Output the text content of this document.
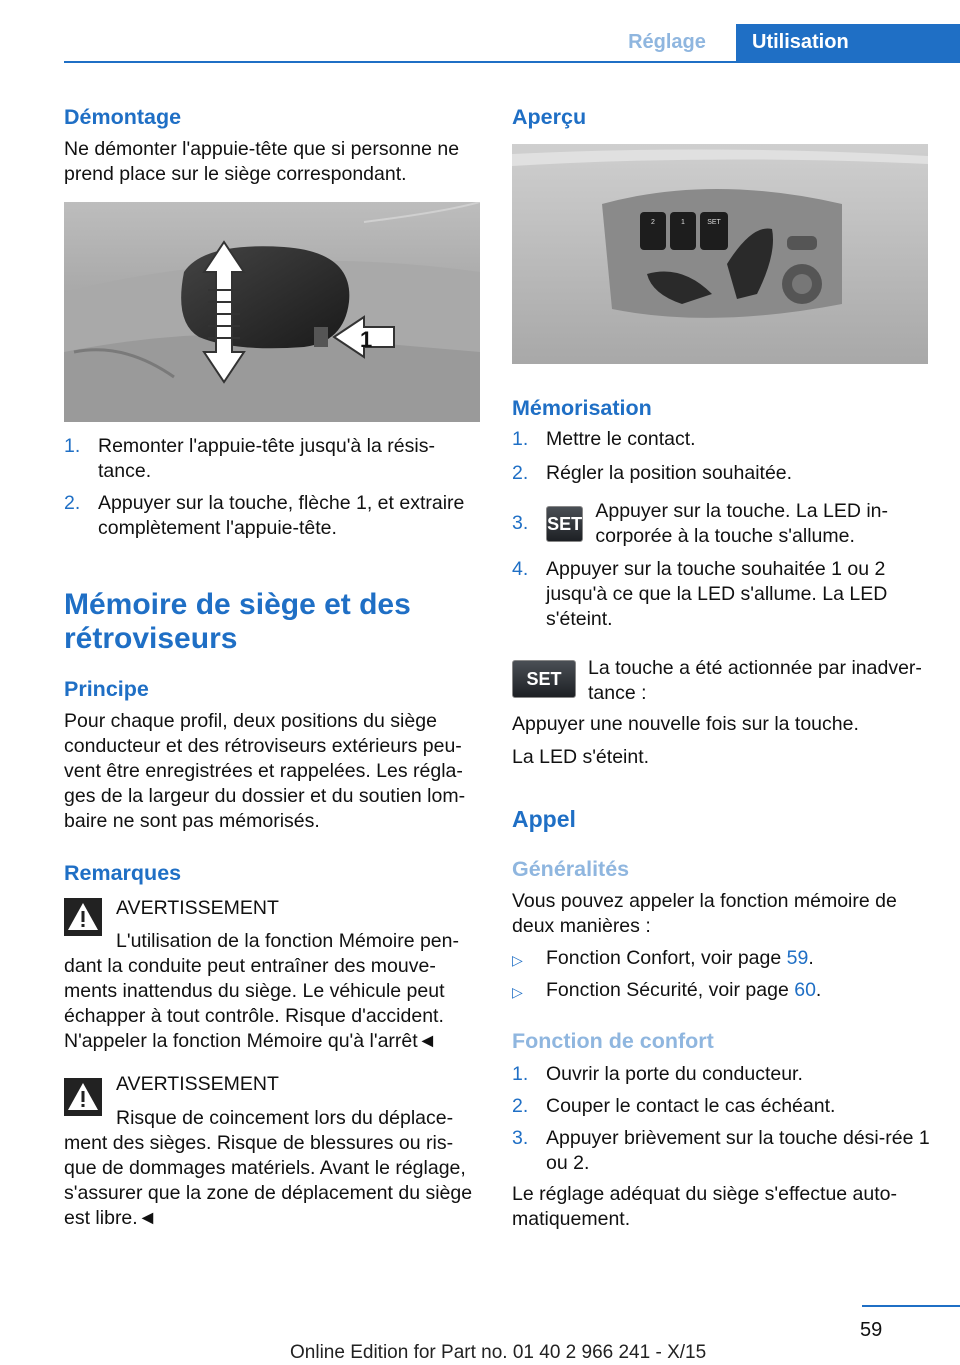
Réglage	Utilisation
Démontage

Ne démonter l'appuie-tête que si personne ne prend place sur le siège correspondant.

1
1. Remonter l'appuie-tête jusqu'à la résis-tance.
2. Appuyer sur la touche, flèche 1, et extraire complètement l'appuie-tête.
Mémoire de siège et des rétroviseurs
Principe

Pour chaque profil, deux positions du siège conducteur et des rétroviseurs extérieurs peu-vent être enregistrées et rappelées. Les régla-ges de la largeur du dossier et du soutien lom-baire ne sont pas mémorisés.

Remarques
AVERTISSEMENT
L'utilisation de la fonction Mémoire pen-dant la conduite peut entraîner des mouve-ments inattendus du siège. Le véhicule peut échapper à tout contrôle. Risque d'accident. N'appeler la fonction Mémoire qu'à l'arrêt◄
AVERTISSEMENT
Risque de coincement lors du déplace-ment des sièges. Risque de blessures ou ris-que de dommages matériels. Avant le réglage, s'assurer que la zone de déplacement du siège est libre.◄
Aperçu
2	1	SET
Mémorisation
1. Mettre le contact.
2. Régler la position souhaitée.
3. SET
Appuyer sur la touche. La LED in-corporée à la touche s'allume.
4. Appuyer sur la touche souhaitée 1 ou 2 jusqu'à ce que la LED s'allume. La LED s'éteint.
SET	La touche a été actionnée par inadver-tance :

Appuyer une nouvelle fois sur la touche.

La LED s'éteint.

Appel
Généralités

Vous pouvez appeler la fonction mémoire de deux manières :

▷ Fonction Confort, voir page 59.
▷ Fonction Sécurité, voir page 60.
Fonction de confort
1. Ouvrir la porte du conducteur.
2. Couper le contact le cas échéant.
3. Appuyer brièvement sur la touche dési-rée 1 ou 2.

Le réglage adéquat du siège s'effectue auto-matiquement.

59
Online Edition for Part no. 01 40 2 966 241 - X/15
